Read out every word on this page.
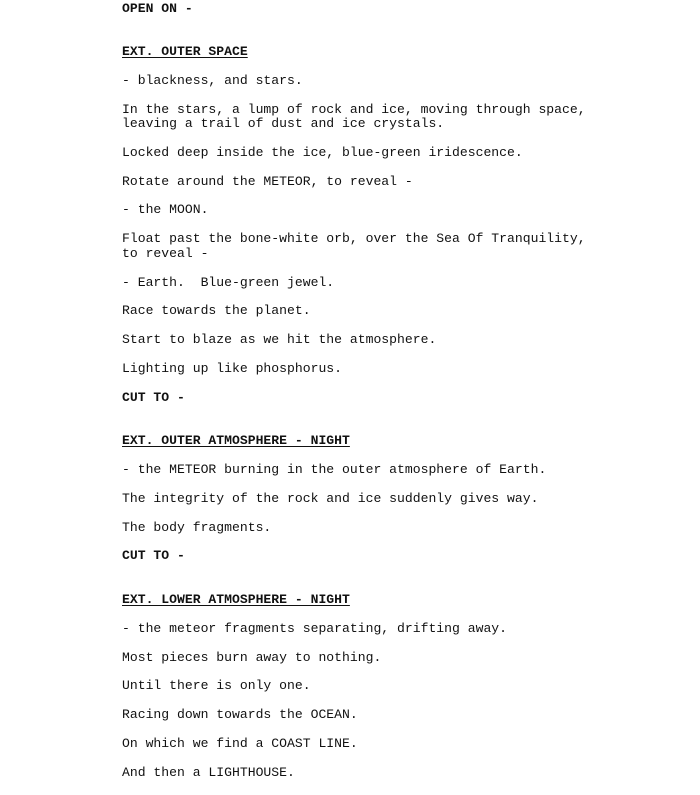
OPEN ON -
EXT. OUTER SPACE
- blackness, and stars.
In the stars, a lump of rock and ice, moving through space,
leaving a trail of dust and ice crystals.
Locked deep inside the ice, blue-green iridescence.
Rotate around the METEOR, to reveal -
- the MOON.
Float past the bone-white orb, over the Sea Of Tranquility,
to reveal -
- Earth.  Blue-green jewel.
Race towards the planet.
Start to blaze as we hit the atmosphere.
Lighting up like phosphorus.
CUT TO -
EXT. OUTER ATMOSPHERE - NIGHT
- the METEOR burning in the outer atmosphere of Earth.
The integrity of the rock and ice suddenly gives way.
The body fragments.
CUT TO -
EXT. LOWER ATMOSPHERE - NIGHT
- the meteor fragments separating, drifting away.
Most pieces burn away to nothing.
Until there is only one.
Racing down towards the OCEAN.
On which we find a COAST LINE.
And then a LIGHTHOUSE.
